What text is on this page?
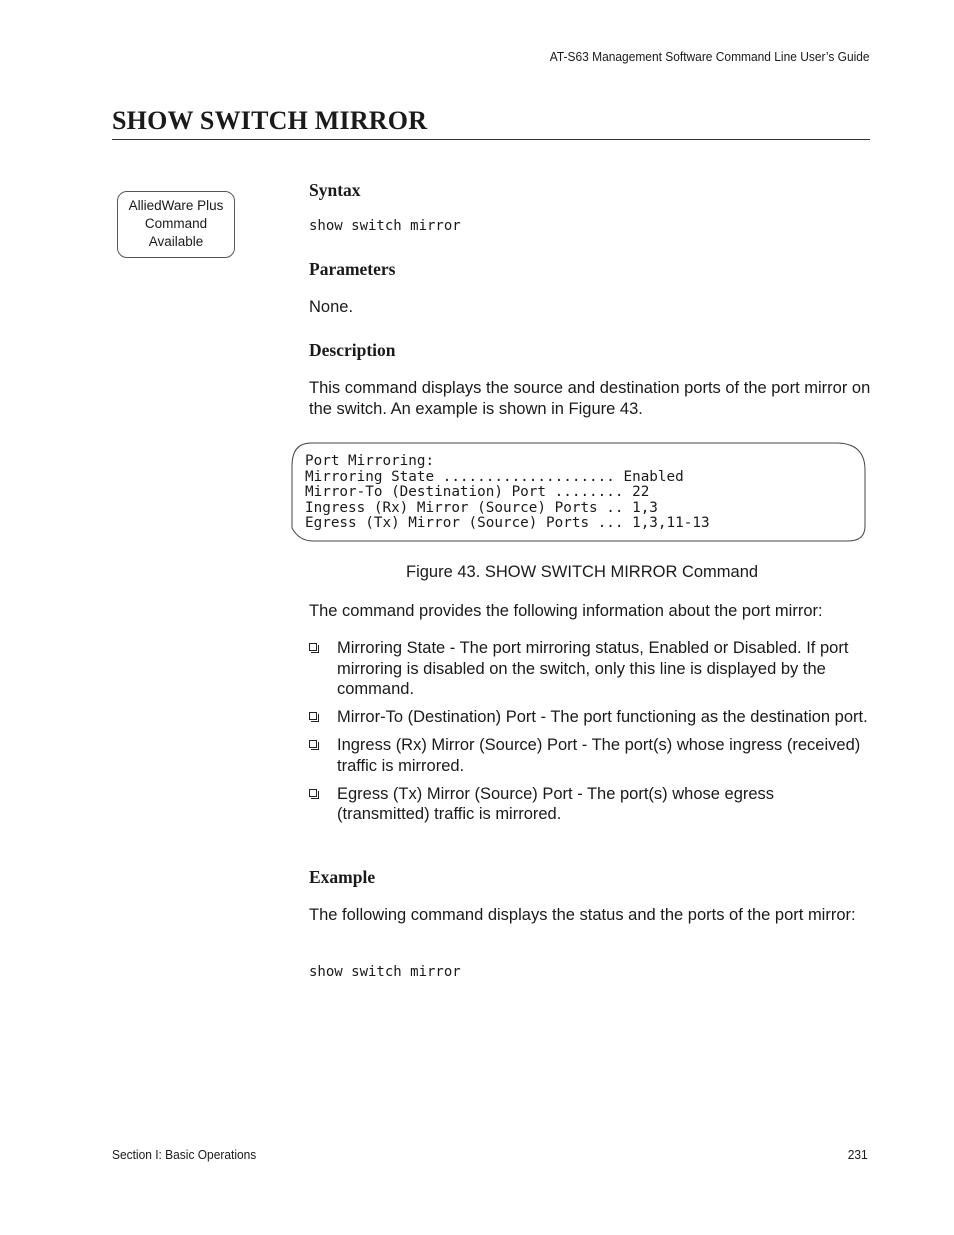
AT-S63 Management Software Command Line User’s Guide
SHOW SWITCH MIRROR
AlliedWare Plus
Command
Available
Syntax
show switch mirror
Parameters
None.
Description
This command displays the source and destination ports of the port mirror on the switch. An example is shown in Figure 43.
Port Mirroring:
Mirroring State .................... Enabled
Mirror-To (Destination) Port ........ 22
Ingress (Rx) Mirror (Source) Ports .. 1,3
Egress (Tx) Mirror (Source) Ports ... 1,3,11-13
Figure 43. SHOW SWITCH MIRROR Command
The command provides the following information about the port mirror:
Mirroring State - The port mirroring status, Enabled or Disabled. If port mirroring is disabled on the switch, only this line is displayed by the command.
Mirror-To (Destination) Port - The port functioning as the destination port.
Ingress (Rx) Mirror (Source) Port - The port(s) whose ingress (received) traffic is mirrored.
Egress (Tx) Mirror (Source) Port - The port(s) whose egress (transmitted) traffic is mirrored.
Example
The following command displays the status and the ports of the port mirror:
show switch mirror
Section I: Basic Operations	231
